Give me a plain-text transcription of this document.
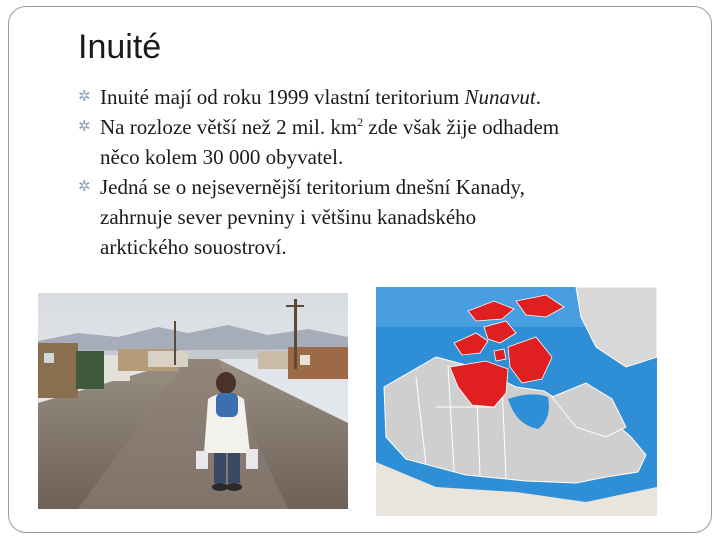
Inuité
✲ Inuité mají od roku 1999 vlastní teritorium Nunavut.
✲ Na rozloze větší než 2 mil. $km^2$ zde však žije odhadem
něco kolem 30 000 obyvatel.
✲ Jedná se o nejsevernější teritorium dnešní Kanady,
zahrnuje sever pevniny i většinu kanadského
arktického souostroví.
